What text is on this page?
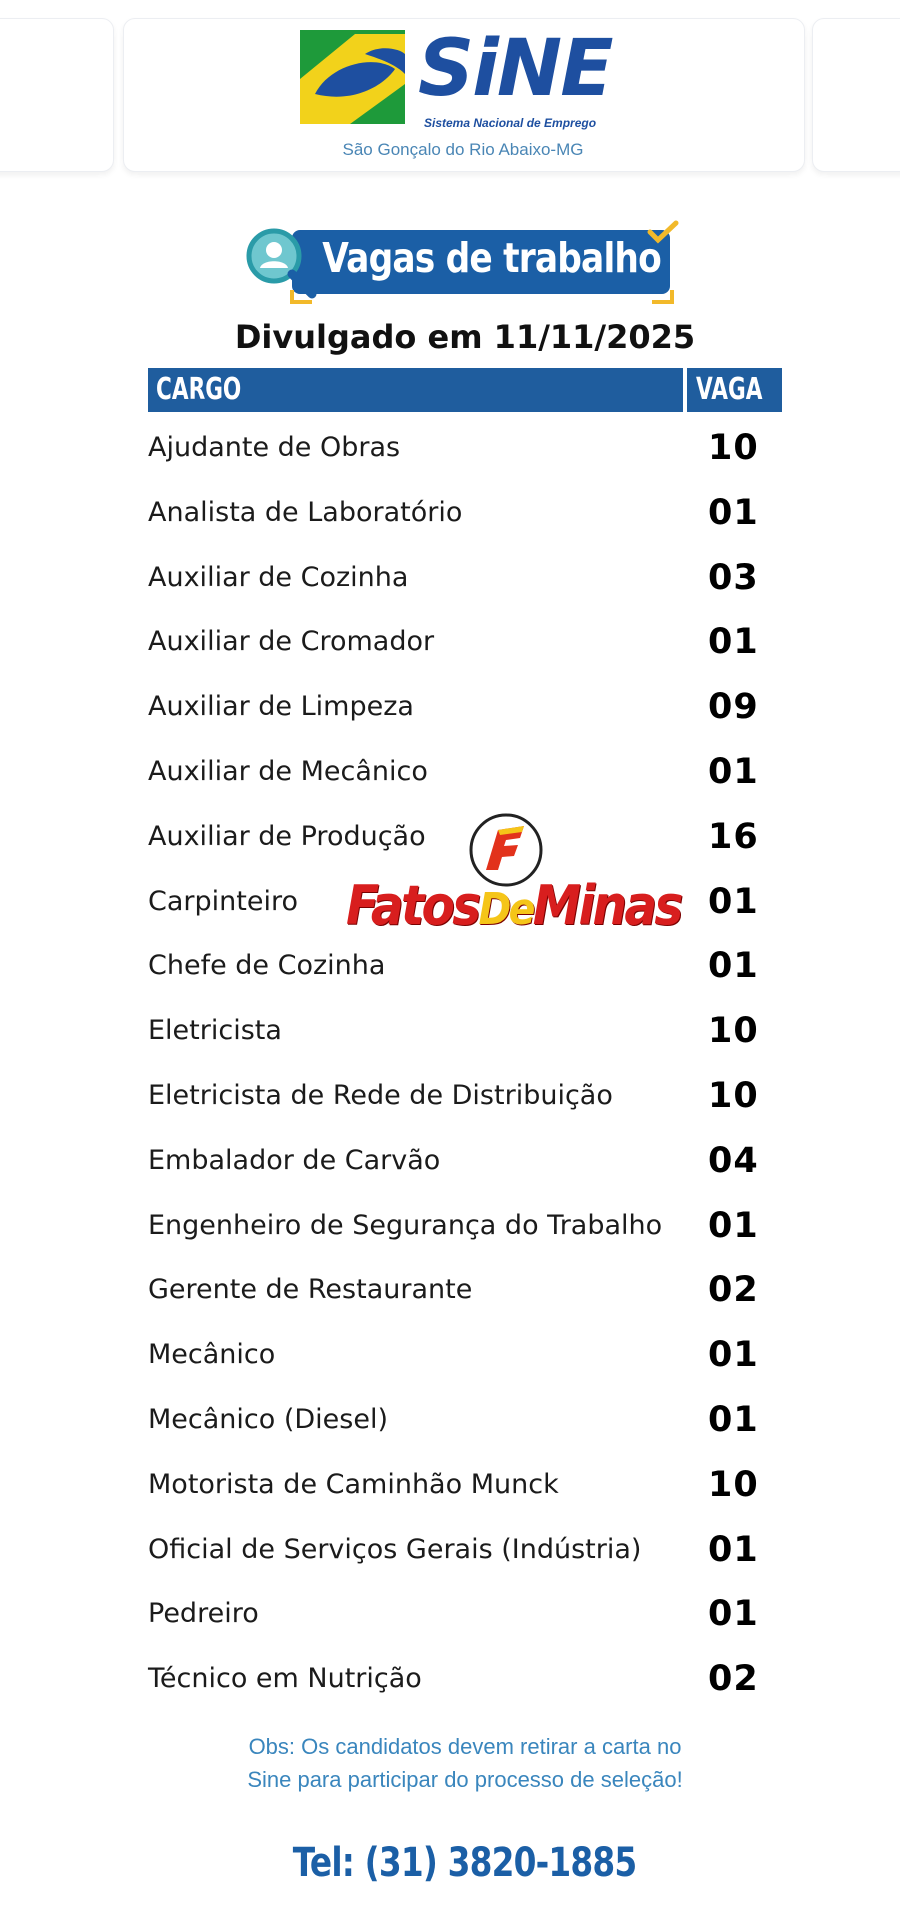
SiNE
Sistema Nacional de Emprego
São Gonçalo do Rio Abaixo-MG
Vagas de trabalho
Divulgado em 11/11/2025
CARGO	VAGA
Ajudante de Obras	10
Analista de Laboratório	01
Auxiliar de Cozinha	03
Auxiliar de Cromador	01
Auxiliar de Limpeza	09
Auxiliar de Mecânico	01
Auxiliar de Produção	16
Carpinteiro	01
Chefe de Cozinha	01
Eletricista	10
Eletricista de Rede de Distribuição	10
Embalador de Carvão	04
Engenheiro de Segurança do Trabalho 01
Gerente de Restaurante	02
Mecânico	01
Mecânico (Diesel)	01
Motorista de Caminhão Munck	10
Oficial de Serviços Gerais (Indústria) 01
Pedreiro	01
Técnico em Nutrição	02
FatosDeMinas
Obs: Os candidatos devem retirar a carta no
Sine para participar do processo de seleção!
Tel: (31) 3820-1885
